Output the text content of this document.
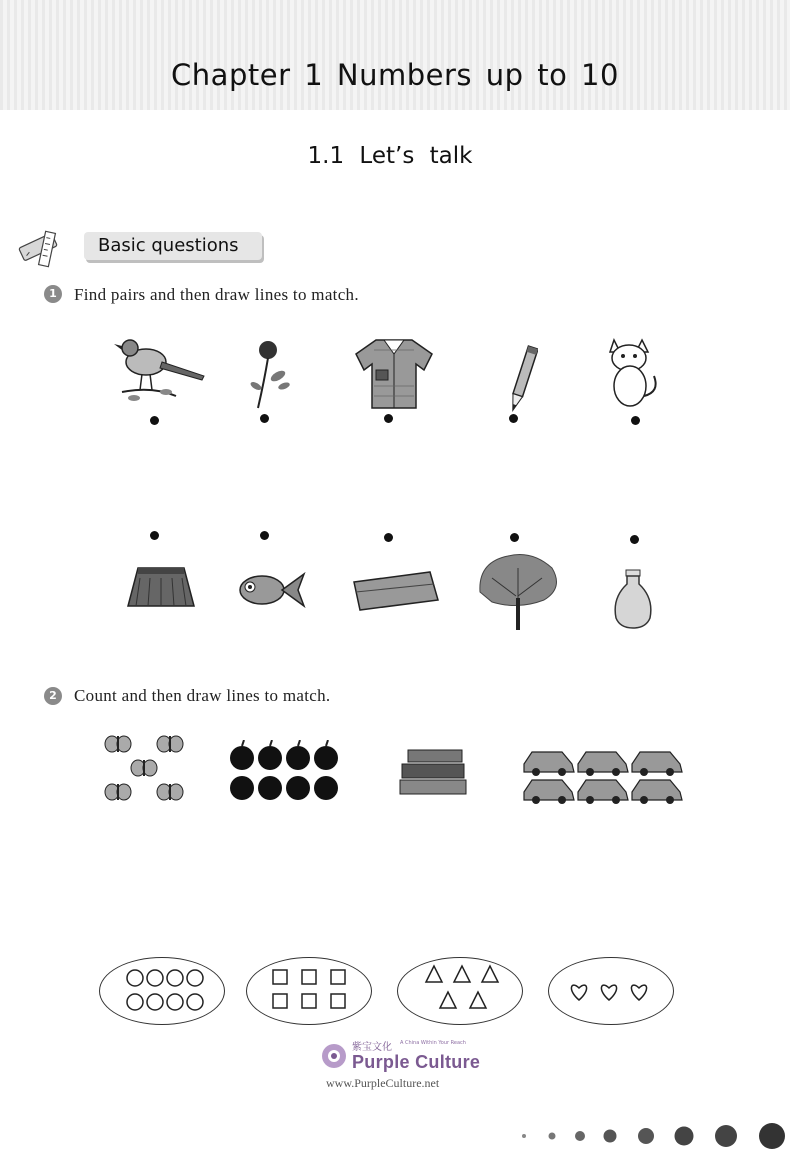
Chapter 1 Numbers up to 10
1.1 Let’s talk
Basic questions
1	Find pairs and then draw lines to match.
2	Count and then draw lines to match.
紫宝文化 A China Within Your Reach
Purple Culture
www.PurpleCulture.net
